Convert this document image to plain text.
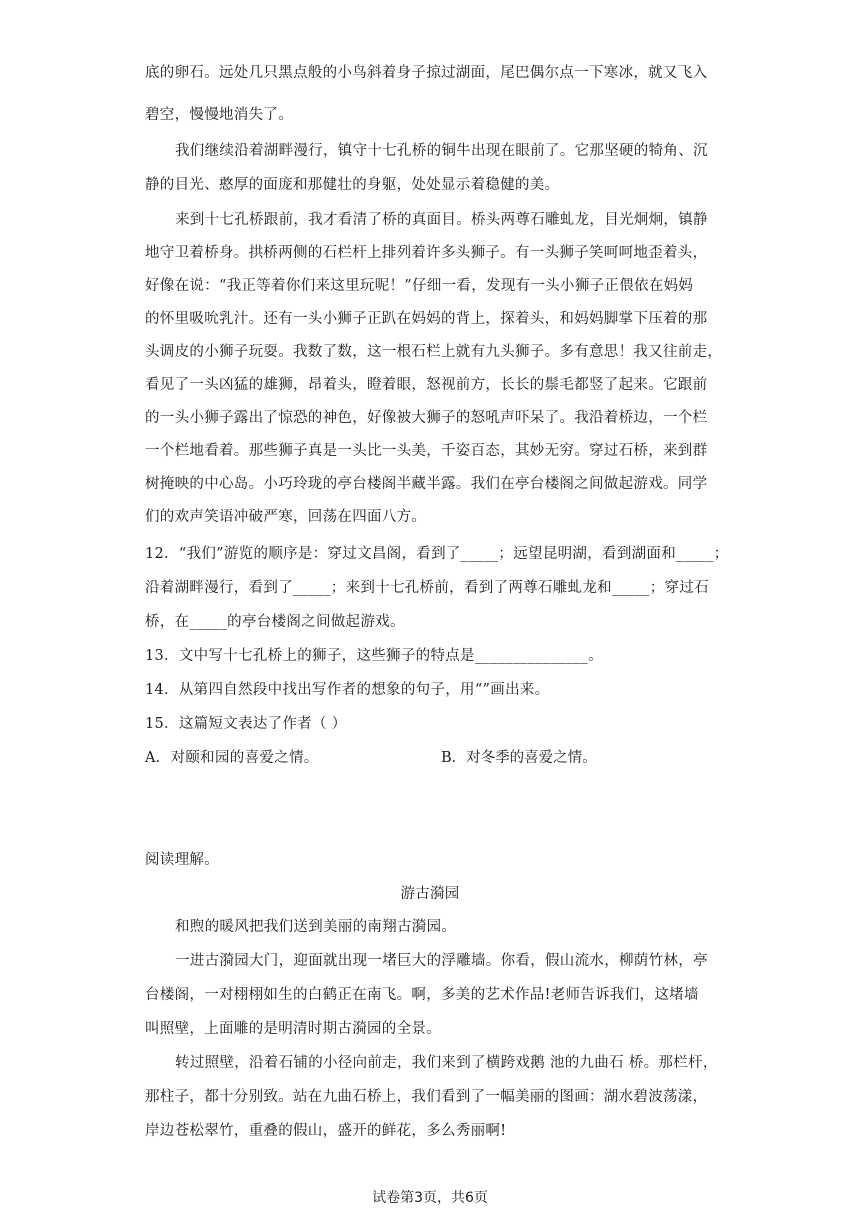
底的卵石。远处几只黑点般的小鸟斜着身子掠过湖面，尾巴偶尔点一下寒冰，就又飞入
碧空，慢慢地消失了。
我们继续沿着湖畔漫行，镇守十七孔桥的铜牛出现在眼前了。它那坚硬的犄角、沉
静的目光、憨厚的面庞和那健壮的身躯，处处显示着稳健的美。
来到十七孔桥跟前，我才看清了桥的真面目。桥头两尊石雕虬龙，目光炯炯，镇静
地守卫着桥身。拱桥两侧的石栏杆上排列着许多头狮子。有一头狮子笑呵呵地歪着头，
好像在说：“我正等着你们来这里玩呢！”仔细一看，发现有一头小狮子正偎依在妈妈
的怀里吸吮乳汁。还有一头小狮子正趴在妈妈的背上，探着头，和妈妈脚掌下压着的那
头调皮的小狮子玩耍。我数了数，这一根石栏上就有九头狮子。多有意思！我又往前走，
看见了一头凶猛的雄狮，昂着头，瞪着眼，怒视前方，长长的鬃毛都竖了起来。它跟前
的一头小狮子露出了惊恐的神色，好像被大狮子的怒吼声吓呆了。我沿着桥边，一个栏
一个栏地看着。那些狮子真是一头比一头美，千姿百态，其妙无穷。穿过石桥，来到群
树掩映的中心岛。小巧玲珑的亭台楼阁半藏半露。我们在亭台楼阁之间做起游戏。同学
们的欢声笑语冲破严寒，回荡在四面八方。
12．“我们”游览的顺序是：穿过文昌阁，看到了_____；远望昆明湖，看到湖面和_____；
沿着湖畔漫行，看到了_____；来到十七孔桥前，看到了两尊石雕虬龙和_____；穿过石
桥，在_____的亭台楼阁之间做起游戏。
13．文中写十七孔桥上的狮子，这些狮子的特点是_______________。
14．从第四自然段中找出写作者的想象的句子，用“”画出来。
15．这篇短文表达了作者（ ）
A．对颐和园的喜爱之情。	B．对冬季的喜爱之情。
阅读理解。
游古漪园
和煦的暖风把我们送到美丽的南翔古漪园。
一进古漪园大门，迎面就出现一堵巨大的浮雕墙。你看，假山流水，柳荫竹林，亭
台楼阁，一对栩栩如生的白鹤正在南飞。啊，多美的艺术作品!老师告诉我们，这堵墙
叫照壁，上面雕的是明清时期古漪园的全景。
转过照壁，沿着石铺的小径向前走，我们来到了横跨戏鹅 池的九曲石 桥。那栏杆，
那柱子，都十分别致。站在九曲石桥上，我们看到了一幅美丽的图画：湖水碧波荡漾，
岸边苍松翠竹，重叠的假山，盛开的鲜花，多么秀丽啊!
试卷第3页，共6页
